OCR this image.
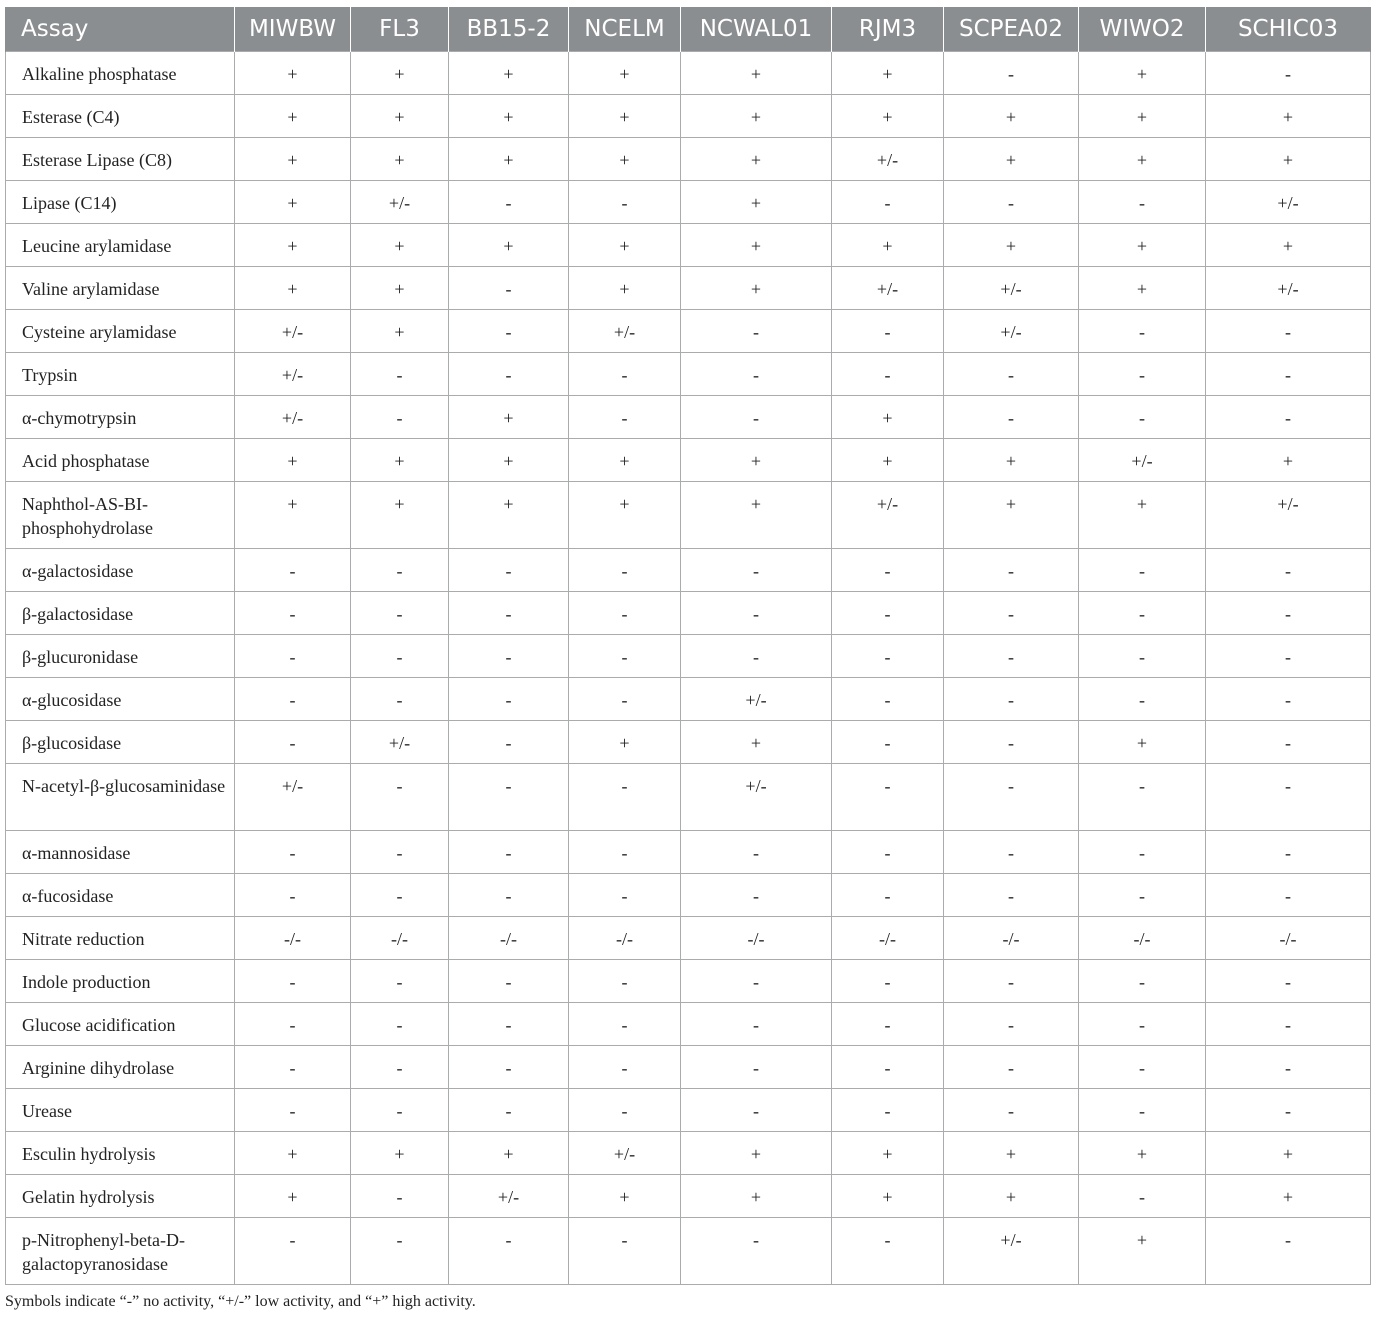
Assay	MIWBW	FL3	BB15-2	NCELM	NCWAL01	RJM3	SCPEA02	WIWO2	SCHIC03

Alkaline phosphatase	+	+	+	+	+	+	-	+	-

Esterase (C4)	+	+	+	+	+	+	+	+	+

Esterase Lipase (C8)	+	+	+	+	+	+/-	+	+	+

Lipase (C14)	+	+/-	-	-	+	-	-	-	+/-

Leucine arylamidase	+	+	+	+	+	+	+	+	+

Valine arylamidase	+	+	-	+	+	+/-	+/-	+	+/-

Cysteine arylamidase	+/-	+	-	+/-	-	-	+/-	-	-

Trypsin	+/-	-	-	-	-	-	-	-	-

α-chymotrypsin	+/-	-	+	-	-	+	-	-	-

Acid phosphatase	+	+	+	+	+	+	+	+/-	+

Naphthol-AS-BI-phosphohydrolase	+	+	+	+	+	+/-	+	+	+/-

α-galactosidase	-	-	-	-	-	-	-	-	-

β-galactosidase	-	-	-	-	-	-	-	-	-

β-glucuronidase	-	-	-	-	-	-	-	-	-

α-glucosidase	-	-	-	-	+/-	-	-	-	-

β-glucosidase	-	+/-	-	+	+	-	-	+	-

N-acetyl-β-glucosaminidase	+/-	-	-	-	+/-	-	-	-	-

α-mannosidase	-	-	-	-	-	-	-	-	-

α-fucosidase	-	-	-	-	-	-	-	-	-

Nitrate reduction	-/-	-/-	-/-	-/-	-/-	-/-	-/-	-/-	-/-

Indole production	-	-	-	-	-	-	-	-	-

Glucose acidification	-	-	-	-	-	-	-	-	-

Arginine dihydrolase	-	-	-	-	-	-	-	-	-

Urease	-	-	-	-	-	-	-	-	-

Esculin hydrolysis	+	+	+	+/-	+	+	+	+	+

Gelatin hydrolysis	+	-	+/-	+	+	+	+	-	+

p-Nitrophenyl-beta-D-galactopyranosidase	-	-	-	-	-	-	+/-	+	-
Symbols indicate “-” no activity, “+/-” low activity, and “+” high activity.
